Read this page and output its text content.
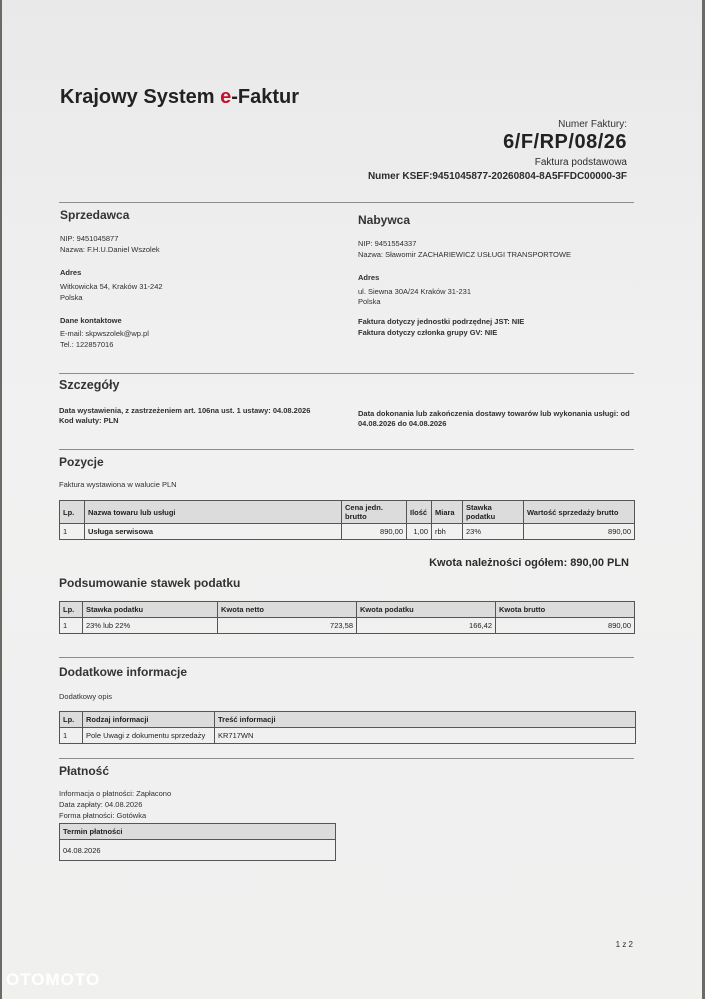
Krajowy System e-Faktur
Numer Faktury:
6/F/RP/08/26
Faktura podstawowa
Numer KSEF:9451045877-20260804-8A5FFDC00000-3F
Sprzedawca
NIP: 9451045877
Nazwa: F.H.U.Daniel Wszolek
Adres
Witkowicka 54, Kraków 31-242
Polska
Dane kontaktowe
E-mail: skpwszolek@wp.pl
Tel.: 122857016
Nabywca
NIP: 9451554337
Nazwa: Sławomir ZACHARIEWICZ USŁUGI TRANSPORTOWE
Adres
ul. Siewna 30A/24 Kraków 31-231
Polska
Faktura dotyczy jednostki podrzędnej JST: NIE
Faktura dotyczy członka grupy GV: NIE
Szczegóły
Data wystawienia, z zastrzeżeniem art. 106na ust. 1 ustawy: 04.08.2026
Kod waluty: PLN
Data dokonania lub zakończenia dostawy towarów lub wykonania usługi: od
04.08.2026 do 04.08.2026
Pozycje
Faktura wystawiona w walucie PLN
Lp.	Nazwa towaru lub usługi	Cena jedn. brutto	Ilość	Miara	Stawka podatku	Wartość sprzedaży brutto
1	Usługa serwisowa	890,00	1,00	rbh	23%	890,00
Kwota należności ogółem: 890,00 PLN
Podsumowanie stawek podatku
Lp.	Stawka podatku	Kwota netto	Kwota podatku	Kwota brutto
1	23% lub 22%	723,58	166,42	890,00
Dodatkowe informacje
Dodatkowy opis
Lp.	Rodzaj informacji	Treść informacji
1	Pole Uwagi z dokumentu sprzedaży	KR717WN
Płatność
Informacja o płatności: Zapłacono
Data zapłaty: 04.08.2026
Forma płatności: Gotówka
Termin płatności
04.08.2026
1 z 2
OTOMOTO
